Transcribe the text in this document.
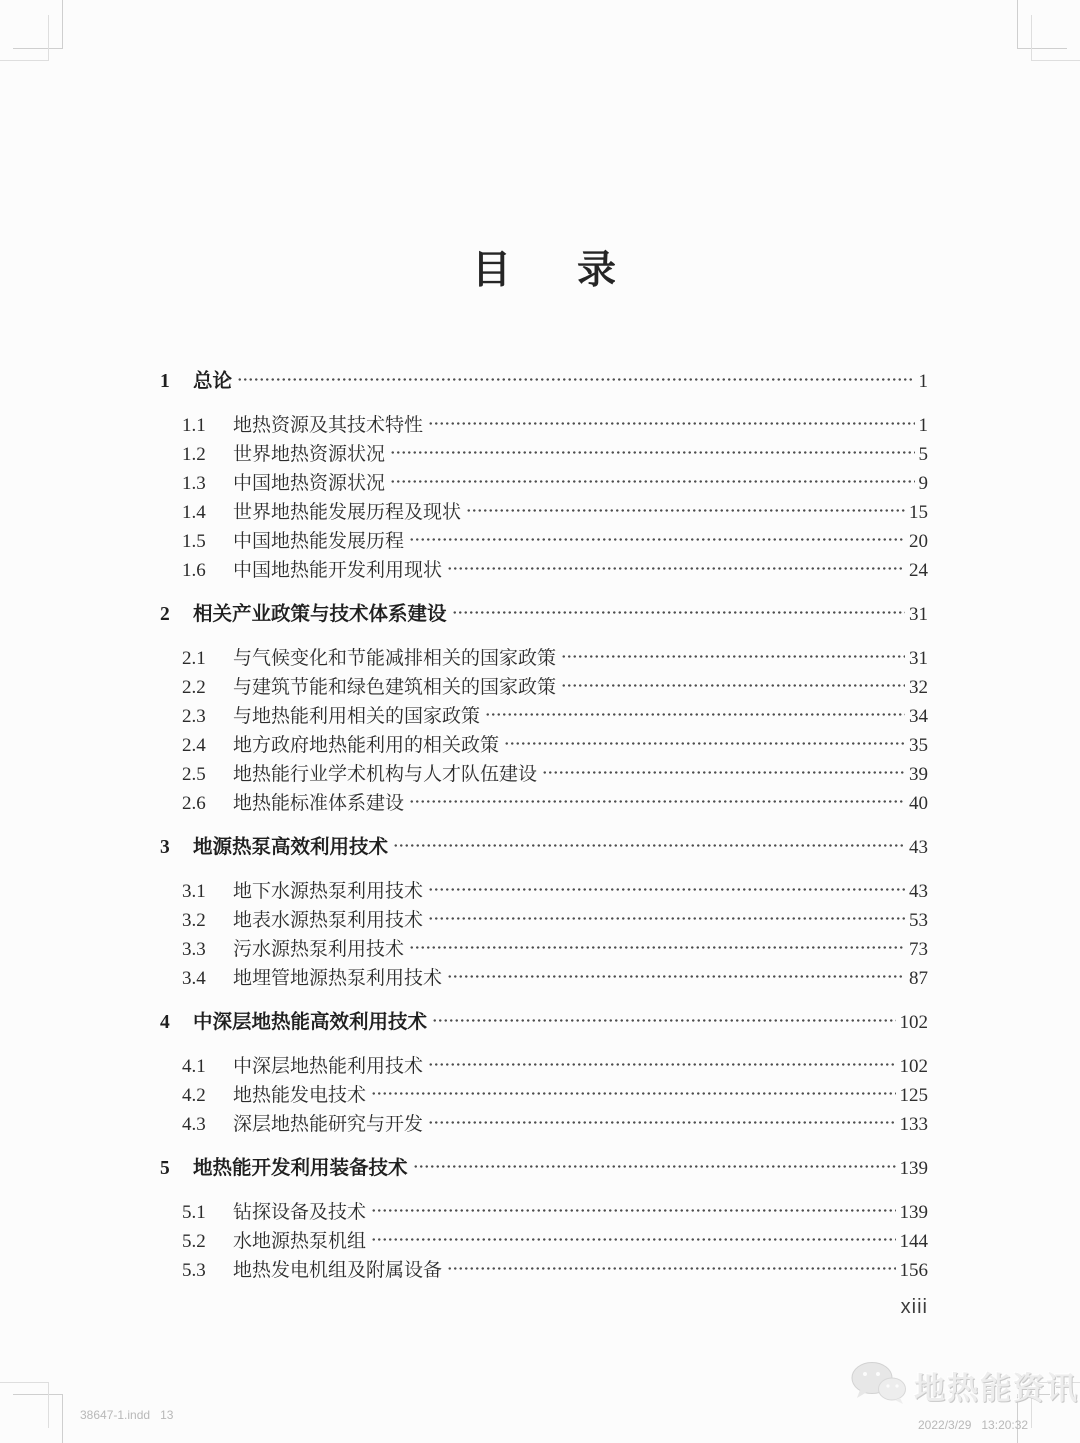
目 录
1	总论	1
1.1	地热资源及其技术特性	1
1.2	世界地热资源状况	5
1.3	中国地热资源状况	9
1.4	世界地热能发展历程及现状	15
1.5	中国地热能发展历程	20
1.6	中国地热能开发利用现状	24
2	相关产业政策与技术体系建设	31
2.1	与气候变化和节能减排相关的国家政策	31
2.2	与建筑节能和绿色建筑相关的国家政策	32
2.3	与地热能利用相关的国家政策	34
2.4	地方政府地热能利用的相关政策	35
2.5	地热能行业学术机构与人才队伍建设	39
2.6	地热能标准体系建设	40
3	地源热泵高效利用技术	43
3.1	地下水源热泵利用技术	43
3.2	地表水源热泵利用技术	53
3.3	污水源热泵利用技术	73
3.4	地埋管地源热泵利用技术	87
4	中深层地热能高效利用技术	102
4.1	中深层地热能利用技术	102
4.2	地热能发电技术	125
4.3	深层地热能研究与开发	133
5	地热能开发利用装备技术	139
5.1	钻探设备及技术	139
5.2	水地源热泵机组	144
5.3	地热发电机组及附属设备	156
xiii
38647-1.indd   13
2022/3/29   13:20:32
地热能资讯
